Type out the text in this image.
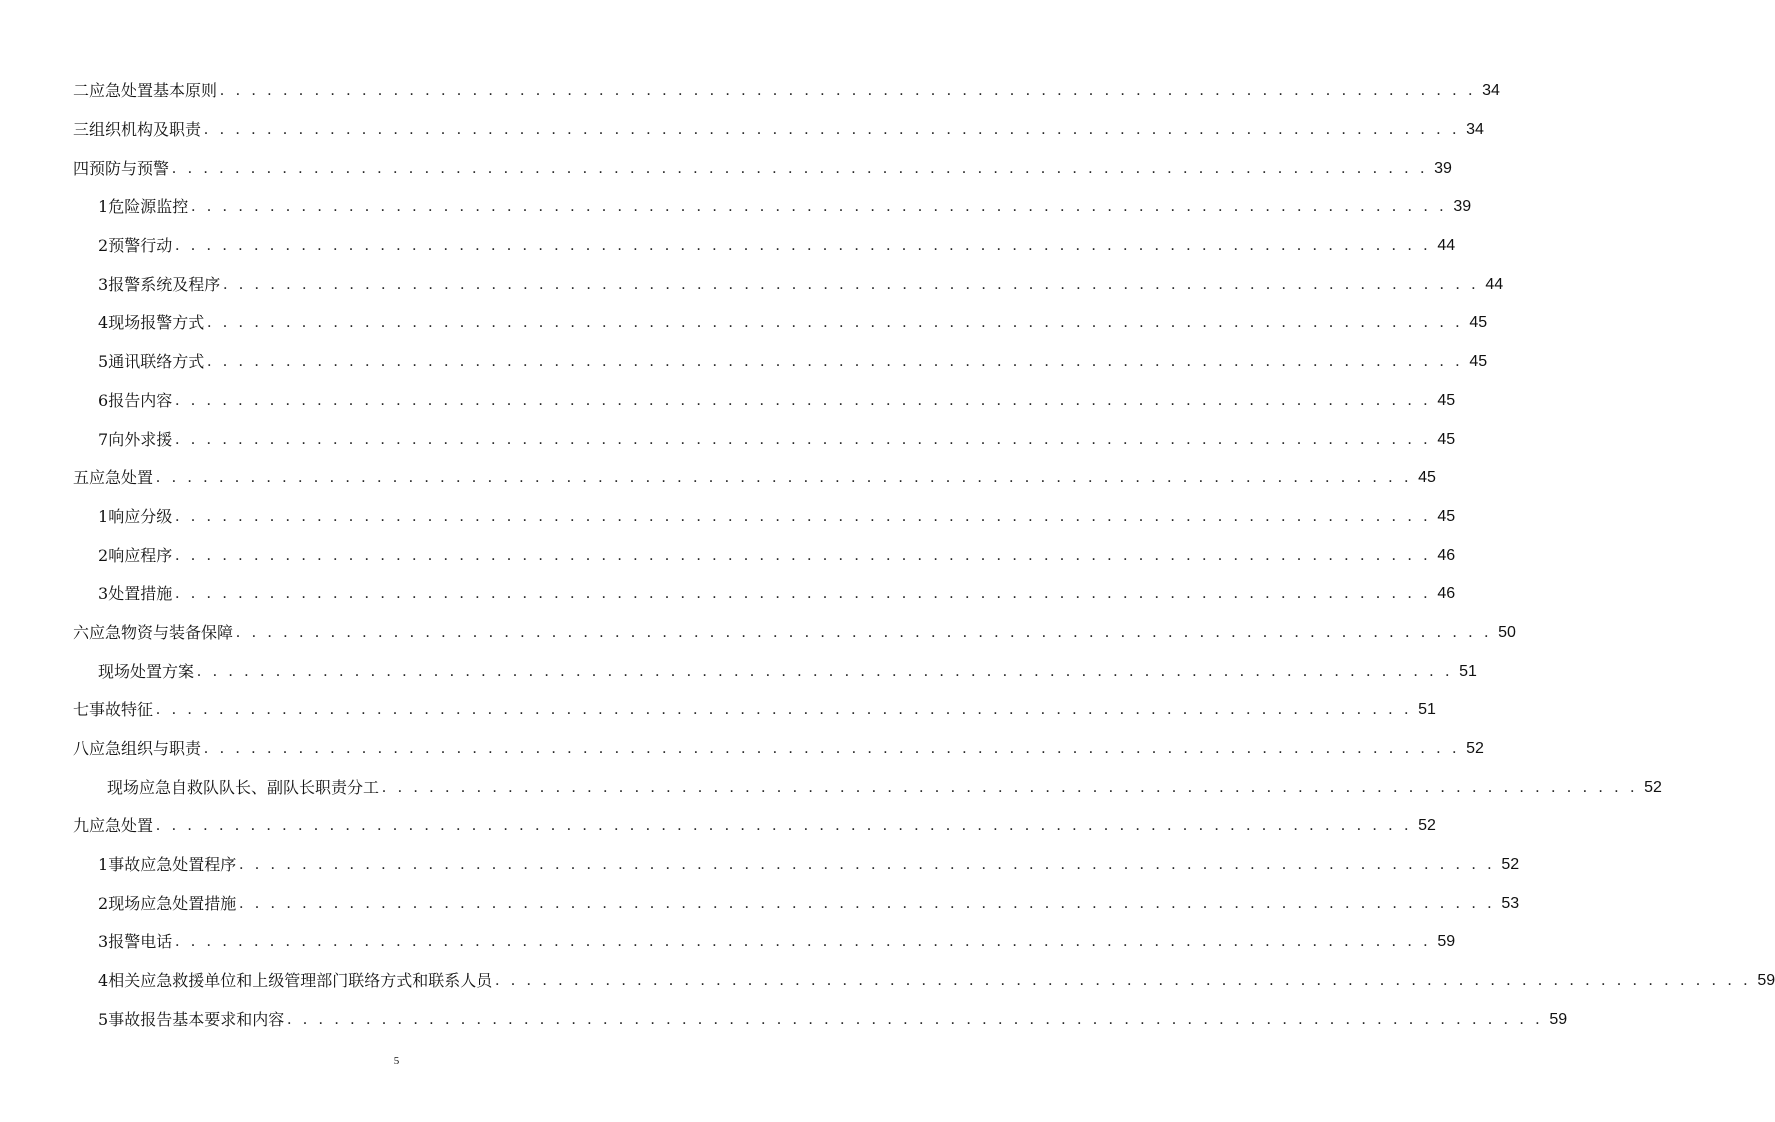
二 应急处置基本原则 . . . . . . . . . . . . . . . . . . . . . . . . . . . . . . . . . . . . . . . . . . . . . . . . . . . . . . . . . . . . . . . . . . . . . . . . . . . . . . . . 34
三 组织机构及职责 . . . . . . . . . . . . . . . . . . . . . . . . . . . . . . . . . . . . . . . . . . . . . . . . . . . . . . . . . . . . . . . . . . . . . . . . . . . . . . . . 34
四 预防与预警 . . . . . . . . . . . . . . . . . . . . . . . . . . . . . . . . . . . . . . . . . . . . . . . . . . . . . . . . . . . . . . . . . . . . . . . . . . . . . . . . 39
1 危险源监控 . . . . . . . . . . . . . . . . . . . . . . . . . . . . . . . . . . . . . . . . . . . . . . . . . . . . . . . . . . . . . . . . . . . . . . . . . . . . . . . . 39
2 预警行动 . . . . . . . . . . . . . . . . . . . . . . . . . . . . . . . . . . . . . . . . . . . . . . . . . . . . . . . . . . . . . . . . . . . . . . . . . . . . . . . . 44
3 报警系统及程序 . . . . . . . . . . . . . . . . . . . . . . . . . . . . . . . . . . . . . . . . . . . . . . . . . . . . . . . . . . . . . . . . . . . . . . . . . . . . . . . . 44
4 现场报警方式 . . . . . . . . . . . . . . . . . . . . . . . . . . . . . . . . . . . . . . . . . . . . . . . . . . . . . . . . . . . . . . . . . . . . . . . . . . . . . . . . 45
5 通讯联络方式 . . . . . . . . . . . . . . . . . . . . . . . . . . . . . . . . . . . . . . . . . . . . . . . . . . . . . . . . . . . . . . . . . . . . . . . . . . . . . . . . 45
6 报告内容 . . . . . . . . . . . . . . . . . . . . . . . . . . . . . . . . . . . . . . . . . . . . . . . . . . . . . . . . . . . . . . . . . . . . . . . . . . . . . . . . 45
7 向外求援 . . . . . . . . . . . . . . . . . . . . . . . . . . . . . . . . . . . . . . . . . . . . . . . . . . . . . . . . . . . . . . . . . . . . . . . . . . . . . . . . 45
五 应急处置 . . . . . . . . . . . . . . . . . . . . . . . . . . . . . . . . . . . . . . . . . . . . . . . . . . . . . . . . . . . . . . . . . . . . . . . . . . . . . . . . 45
1 响应分级 . . . . . . . . . . . . . . . . . . . . . . . . . . . . . . . . . . . . . . . . . . . . . . . . . . . . . . . . . . . . . . . . . . . . . . . . . . . . . . . . 45
2 响应程序 . . . . . . . . . . . . . . . . . . . . . . . . . . . . . . . . . . . . . . . . . . . . . . . . . . . . . . . . . . . . . . . . . . . . . . . . . . . . . . . . 46
3 处置措施 . . . . . . . . . . . . . . . . . . . . . . . . . . . . . . . . . . . . . . . . . . . . . . . . . . . . . . . . . . . . . . . . . . . . . . . . . . . . . . . . 46
六 应急物资与装备保障 . . . . . . . . . . . . . . . . . . . . . . . . . . . . . . . . . . . . . . . . . . . . . . . . . . . . . . . . . . . . . . . . . . . . . . . . . . . . . . . . 50
现场处置方案 . . . . . . . . . . . . . . . . . . . . . . . . . . . . . . . . . . . . . . . . . . . . . . . . . . . . . . . . . . . . . . . . . . . . . . . . . . . . . . . . 51
七 事故特征 . . . . . . . . . . . . . . . . . . . . . . . . . . . . . . . . . . . . . . . . . . . . . . . . . . . . . . . . . . . . . . . . . . . . . . . . . . . . . . . . 51
八 应急组织与职责 . . . . . . . . . . . . . . . . . . . . . . . . . . . . . . . . . . . . . . . . . . . . . . . . . . . . . . . . . . . . . . . . . . . . . . . . . . . . . . . . 52
现场应急自救队队长、副队长职责分工 . . . . . . . . . . . . . . . . . . . . . . . . . . . . . . . . . . . . . . . . . . . . . . . . . . . . . . . . . . . . . . . . . . . . . . . . . . . . . . . . 52
九 应急处置 . . . . . . . . . . . . . . . . . . . . . . . . . . . . . . . . . . . . . . . . . . . . . . . . . . . . . . . . . . . . . . . . . . . . . . . . . . . . . . . . 52
1 事故应急处置程序 . . . . . . . . . . . . . . . . . . . . . . . . . . . . . . . . . . . . . . . . . . . . . . . . . . . . . . . . . . . . . . . . . . . . . . . . . . . . . . . . 52
2 现场应急处置措施 . . . . . . . . . . . . . . . . . . . . . . . . . . . . . . . . . . . . . . . . . . . . . . . . . . . . . . . . . . . . . . . . . . . . . . . . . . . . . . . . 53
3 报警电话 . . . . . . . . . . . . . . . . . . . . . . . . . . . . . . . . . . . . . . . . . . . . . . . . . . . . . . . . . . . . . . . . . . . . . . . . . . . . . . . . 59
4 相关应急救援单位和上级管理部门联络方式和联系人员 . . . . . . . . . . . . . . . . . . . . . . . . . . . . . . . . . . . . . . . . . . . . . . . . . . . . . . . . . . . . . . . . . . . . . . . . . . . . . . . . 59
5 事故报告基本要求和内容 . . . . . . . . . . . . . . . . . . . . . . . . . . . . . . . . . . . . . . . . . . . . . . . . . . . . . . . . . . . . . . . . . . . . . . . . . . . . . . . . 59
5
